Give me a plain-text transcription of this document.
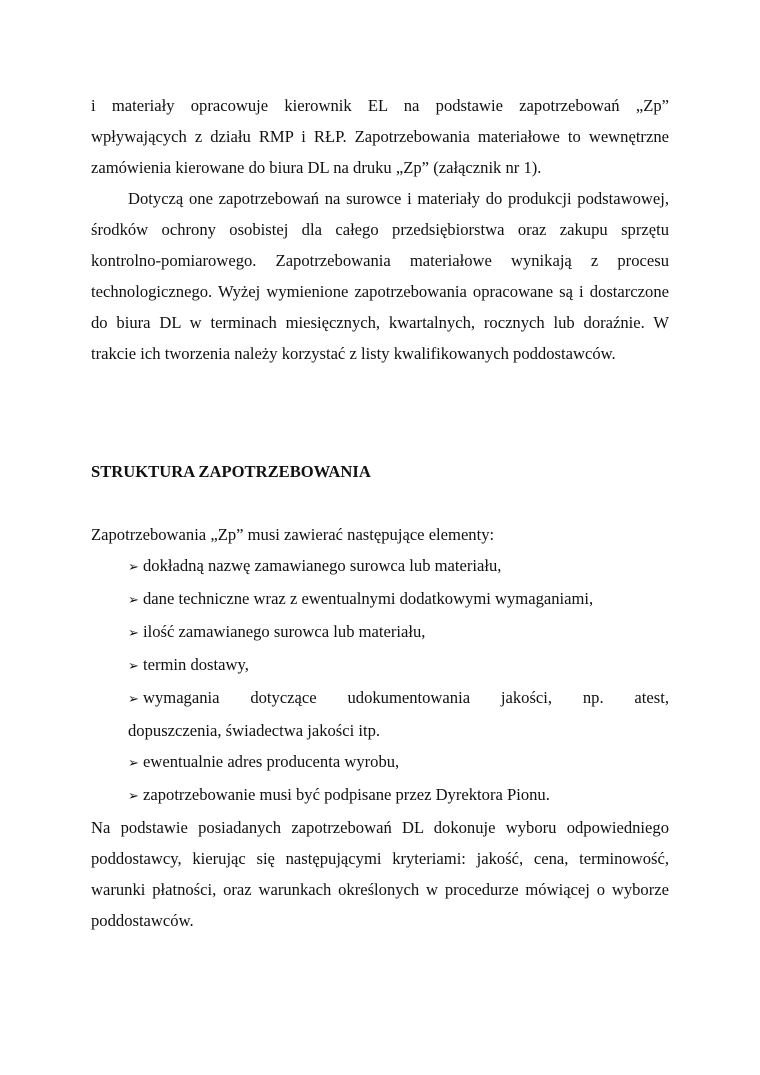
i materiały opracowuje kierownik EL na podstawie zapotrzebowań „Zp” wpływających z działu RMP i RŁP. Zapotrzebowania materiałowe to wewnętrzne zamówienia kierowane do biura DL na druku „Zp” (załącznik nr 1).

Dotyczą one zapotrzebowań na surowce i materiały do produkcji podstawowej, środków ochrony osobistej dla całego przedsiębiorstwa oraz zakupu sprzętu kontrolno-pomiarowego. Zapotrzebowania materiałowe wynikają z procesu technologicznego. Wyżej wymienione zapotrzebowania opracowane są i dostarczone do biura DL w terminach miesięcznych, kwartalnych, rocznych lub doraźnie. W trakcie ich tworzenia należy korzystać z listy kwalifikowanych poddostawców.

STRUKTURA ZAPOTRZEBOWANIA

Zapotrzebowania „Zp” musi zawierać następujące elementy:

➢ dokładną nazwę zamawianego surowca lub materiału,
➢ dane techniczne wraz z ewentualnymi dodatkowymi wymaganiami,
➢ ilość zamawianego surowca lub materiału,
➢ termin dostawy,
➢ wymagania dotyczące udokumentowania jakości, np. atest,
dopuszczenia, świadectwa jakości itp.
➢ ewentualnie adres producenta wyrobu,
➢ zapotrzebowanie musi być podpisane przez Dyrektora Pionu.

Na podstawie posiadanych zapotrzebowań DL dokonuje wyboru odpowiedniego poddostawcy, kierując się następującymi kryteriami: jakość, cena, terminowość, warunki płatności, oraz warunkach określonych w procedurze mówiącej o wyborze poddostawców.
